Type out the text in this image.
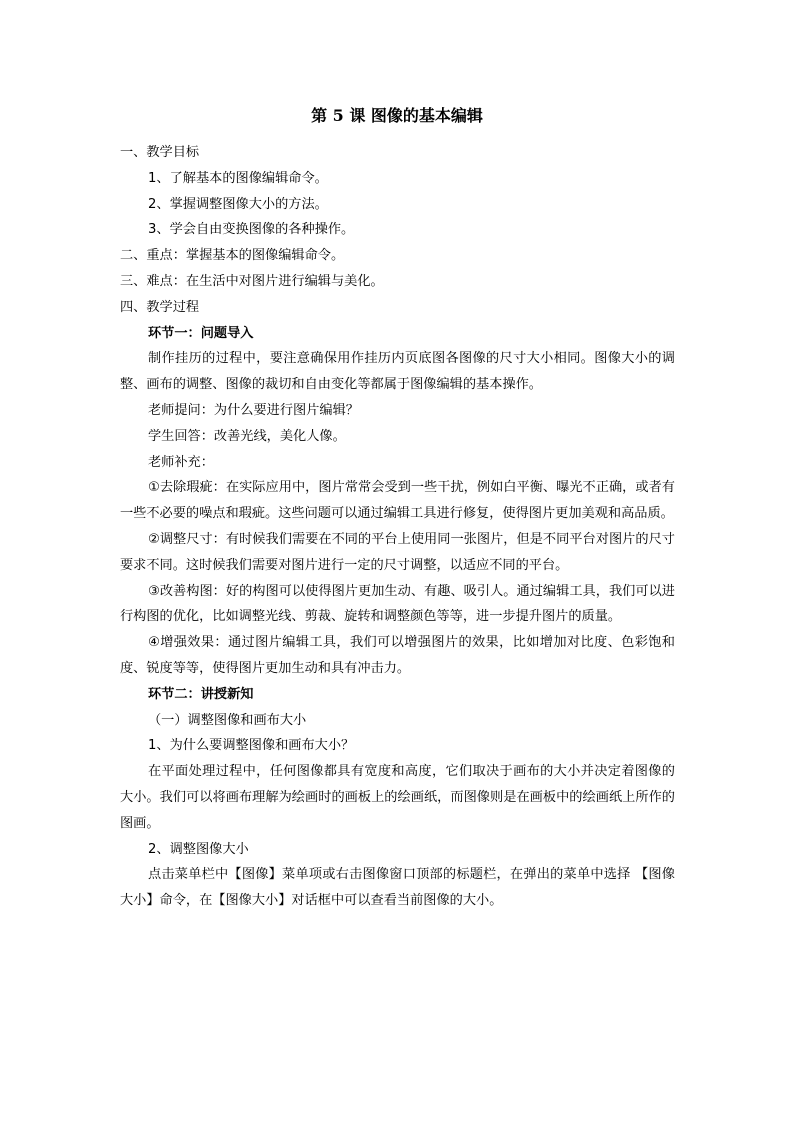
第 5 课 图像的基本编辑

一、教学目标

1、了解基本的图像编辑命令。

2、掌握调整图像大小的方法。

3、学会自由变换图像的各种操作。

二、重点：掌握基本的图像编辑命令。

三、难点：在生活中对图片进行编辑与美化。

四、教学过程

环节一：问题导入

制作挂历的过程中，要注意确保用作挂历内页底图各图像的尺寸大小相同。图像大小的调整、画布的调整、图像的裁切和自由变化等都属于图像编辑的基本操作。

老师提问：为什么要进行图片编辑？

学生回答：改善光线，美化人像。

老师补充：

①去除瑕疵：在实际应用中，图片常常会受到一些干扰，例如白平衡、曝光不正确，或者有一些不必要的噪点和瑕疵。这些问题可以通过编辑工具进行修复，使得图片更加美观和高品质。

②调整尺寸：有时候我们需要在不同的平台上使用同一张图片，但是不同平台对图片的尺寸要求不同。这时候我们需要对图片进行一定的尺寸调整，以适应不同的平台。

③改善构图：好的构图可以使得图片更加生动、有趣、吸引人。通过编辑工具，我们可以进行构图的优化，比如调整光线、剪裁、旋转和调整颜色等等，进一步提升图片的质量。

④增强效果：通过图片编辑工具，我们可以增强图片的效果，比如增加对比度、色彩饱和度、锐度等等，使得图片更加生动和具有冲击力。

环节二：讲授新知

（一）调整图像和画布大小

1、为什么要调整图像和画布大小？

在平面处理过程中，任何图像都具有宽度和高度，它们取决于画布的大小并决定着图像的大小。我们可以将画布理解为绘画时的画板上的绘画纸，而图像则是在画板中的绘画纸上所作的图画。

2、调整图像大小

点击菜单栏中【图像】菜单项或右击图像窗口顶部的标题栏，在弹出的菜单中选择 【图像大小】命令，在【图像大小】对话框中可以查看当前图像的大小。
